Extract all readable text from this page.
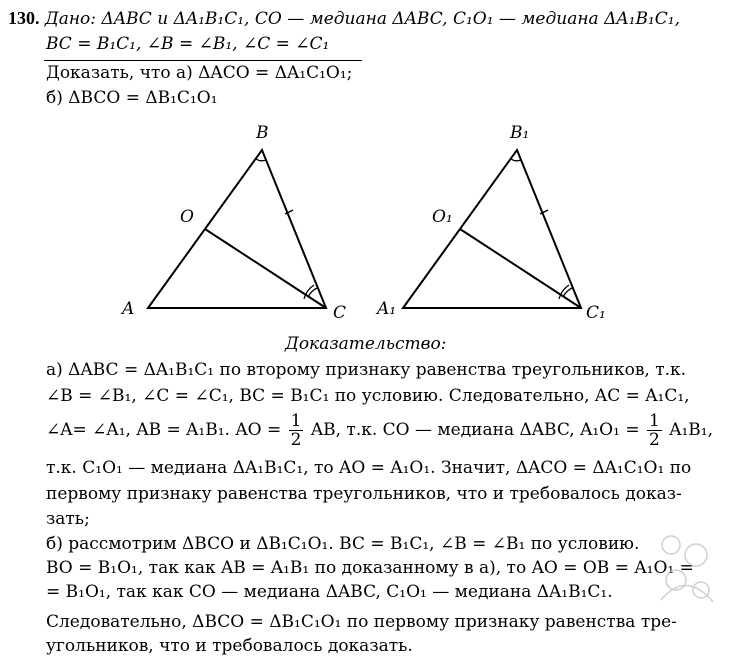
130. Дано: ΔABC и ΔA₁B₁C₁, CO — медиана ΔABC, C₁O₁ — медиана ΔA₁B₁C₁,
BC = B₁C₁, ∠B = ∠B₁, ∠C = ∠C₁
Доказать, что а) ΔACO = ΔA₁C₁O₁;
б) ΔBCO = ΔB₁C₁O₁
B
O
A	C
B₁
O₁
A₁	C₁
Доказательство:
а) ΔABC = ΔA₁B₁C₁ по второму признаку равенства треугольников, т.к.
∠B = ∠B₁, ∠C = ∠C₁, BC = B₁C₁ по условию. Следовательно, AC = A₁C₁,
∠A= ∠A₁, AB = A₁B₁. AO = $\frac{1}{2}$ AB, т.к. CO — медиана ΔABC, $A_1O_1 = \frac{1}{2} A_1B_1$,
т.к. C₁O₁ — медиана ΔA₁B₁C₁, то AO = A₁O₁. Значит, ΔACO = ΔA₁C₁O₁ по
первому признаку равенства треугольников, что и требовалось доказ-
зать;
б) рассмотрим ΔBCO и ΔB₁C₁O₁. BC = B₁C₁, ∠B = ∠B₁ по условию.
BO = B₁O₁, так как AB = A₁B₁ по доказанному в а), то AO = OB = A₁O₁ =
= B₁O₁, так как CO — медиана ΔABC, C₁O₁ — медиана ΔA₁B₁C₁.
Следовательно, ΔBCO = ΔB₁C₁O₁ по первому признаку равенства тре-
угольников, что и требовалось доказать.
